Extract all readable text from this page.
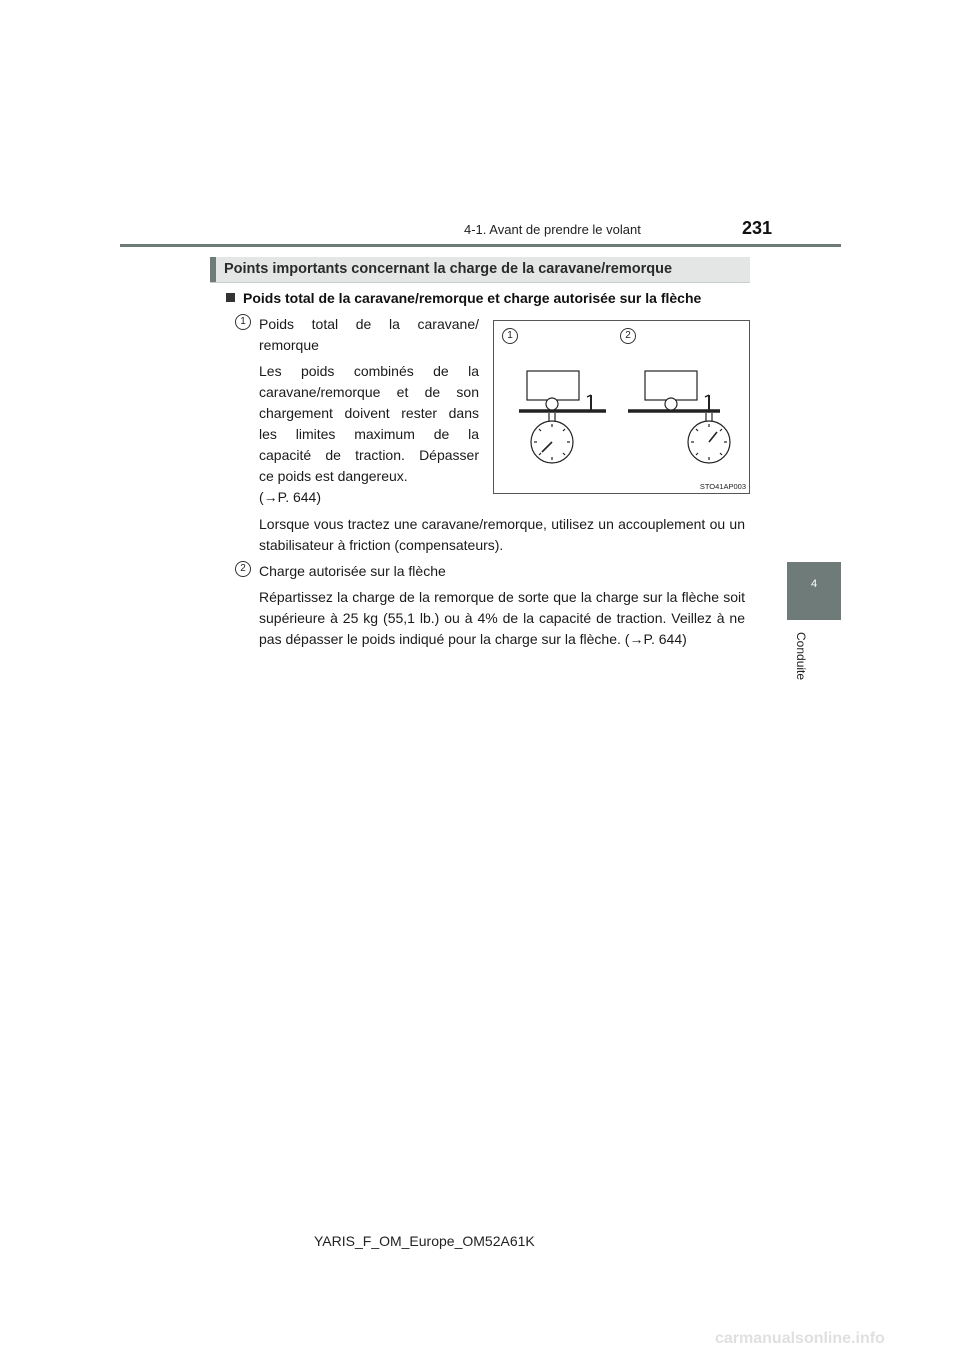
4-1. Avant de prendre le volant	231
4
Conduite
Points importants concernant la charge de la caravane/remorque
Poids total de la caravane/remorque et charge autorisée sur la flèche
1 Poids total de la caravane/ remorque
Les poids combinés de la
caravane/remorque et de son
chargement doivent rester dans
les limites maximum de la
capacité de traction. Dépasser
ce poids est dangereux.
(→P. 644)
Lorsque vous tractez une caravane/remorque, utilisez un accouplement ou un stabilisateur à friction (compensateurs).
2 Charge autorisée sur la flèche
Répartissez la charge de la remorque de sorte que la charge sur la flèche soit supérieure à 25 kg (55,1 lb.) ou à 4% de la capacité de traction. Veillez à ne pas dépasser le poids indiqué pour la charge sur la flèche. (→P. 644)
1	2
STO41AP003
YARIS_F_OM_Europe_OM52A61K
carmanualsonline.info
